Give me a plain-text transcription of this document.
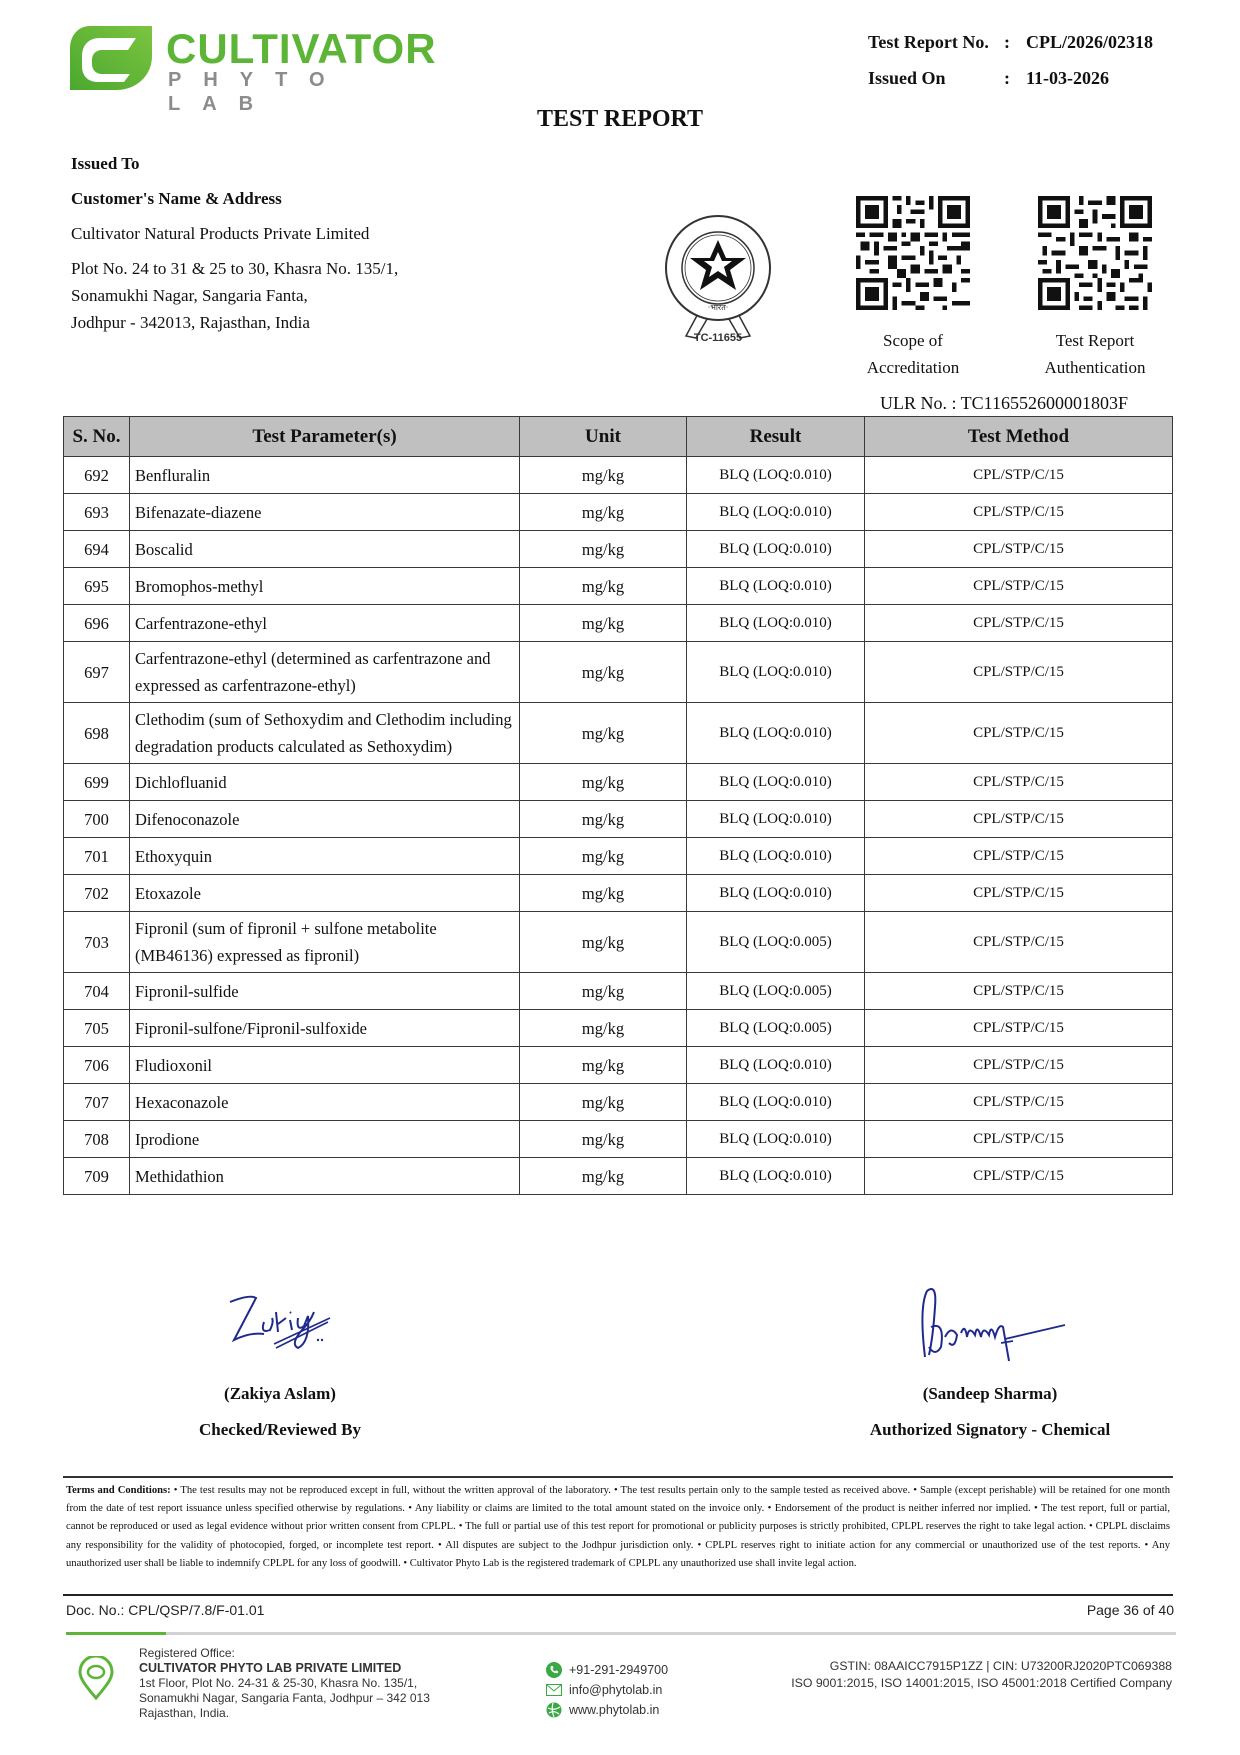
CULTIVATOR
PHYTO LAB
Test Report No. : CPL/2026/02318
Issued On	: 11-03-2026
TEST REPORT
Issued To
Customer's Name & Address
Cultivator Natural Products Private Limited
Plot No. 24 to 31 & 25 to 30, Khasra No. 135/1,
Sonamukhi Nagar, Sangaria Fanta,
Jodhpur - 342013, Rajasthan, India
·भारत·
TC-11655	Scope of
Accreditation
Test Report
Authentication
ULR No. : TC116552600001803F
S. No.	Test Parameter(s)	Unit	Result	Test Method
692	Benfluralin	mg/kg	BLQ (LOQ:0.010)	CPL/STP/C/15
693	Bifenazate-diazene	mg/kg	BLQ (LOQ:0.010)	CPL/STP/C/15
694	Boscalid	mg/kg	BLQ (LOQ:0.010)	CPL/STP/C/15
695	Bromophos-methyl	mg/kg	BLQ (LOQ:0.010)	CPL/STP/C/15
696	Carfentrazone-ethyl	mg/kg	BLQ (LOQ:0.010)	CPL/STP/C/15
697	Carfentrazone-ethyl (determined as carfentrazone and expressed as carfentrazone-ethyl)	mg/kg	BLQ (LOQ:0.010)	CPL/STP/C/15
698	Clethodim (sum of Sethoxydim and Clethodim including degradation products calculated as Sethoxydim)	mg/kg	BLQ (LOQ:0.010)	CPL/STP/C/15
699	Dichlofluanid	mg/kg	BLQ (LOQ:0.010)	CPL/STP/C/15
700	Difenoconazole	mg/kg	BLQ (LOQ:0.010)	CPL/STP/C/15
701	Ethoxyquin	mg/kg	BLQ (LOQ:0.010)	CPL/STP/C/15
702	Etoxazole	mg/kg	BLQ (LOQ:0.010)	CPL/STP/C/15
703	Fipronil (sum of fipronil + sulfone metabolite (MB46136) expressed as fipronil)	mg/kg	BLQ (LOQ:0.005)	CPL/STP/C/15
704	Fipronil-sulfide	mg/kg	BLQ (LOQ:0.005)	CPL/STP/C/15
705	Fipronil-sulfone/Fipronil-sulfoxide	mg/kg	BLQ (LOQ:0.005)	CPL/STP/C/15
706	Fludioxonil	mg/kg	BLQ (LOQ:0.010)	CPL/STP/C/15
707	Hexaconazole	mg/kg	BLQ (LOQ:0.010)	CPL/STP/C/15
708	Iprodione	mg/kg	BLQ (LOQ:0.010)	CPL/STP/C/15
709	Methidathion	mg/kg	BLQ (LOQ:0.010)	CPL/STP/C/15
(Zakiya Aslam)
Checked/Reviewed By
(Sandeep Sharma)
Authorized Signatory - Chemical
Terms and Conditions: • The test results may not be reproduced except in full, without the written approval of the laboratory. • The test results pertain only to the sample tested as received above. • Sample (except perishable) will be retained for one month from the date of test report issuance unless specified otherwise by regulations. • Any liability or claims are limited to the total amount stated on the invoice only. • Endorsement of the product is neither inferred nor implied. • The test report, full or partial, cannot be reproduced or used as legal evidence without prior written consent from CPLPL. • The full or partial use of this test report for promotional or publicity purposes is strictly prohibited, CPLPL reserves the right to take legal action. • CPLPL disclaims any responsibility for the validity of photocopied, forged, or incomplete test report. • All disputes are subject to the Jodhpur jurisdiction only. • CPLPL reserves right to initiate action for any commercial or unauthorized use of the test reports. • Any unauthorized user shall be liable to indemnify CPLPL for any loss of goodwill. • Cultivator Phyto Lab is the registered trademark of CPLPL any unauthorized use shall invite legal action.
Doc. No.: CPL/QSP/7.8/F-01.01	Page 36 of 40
Registered Office:
CULTIVATOR PHYTO LAB PRIVATE LIMITED
1st Floor, Plot No. 24-31 & 25-30, Khasra No. 135/1,
Sonamukhi Nagar, Sangaria Fanta, Jodhpur – 342 013
Rajasthan, India.
+91-291-2949700
info@phytolab.in
www.phytolab.in
GSTIN: 08AAICC7915P1ZZ | CIN: U73200RJ2020PTC069388
ISO 9001:2015, ISO 14001:2015, ISO 45001:2018 Certified Company
